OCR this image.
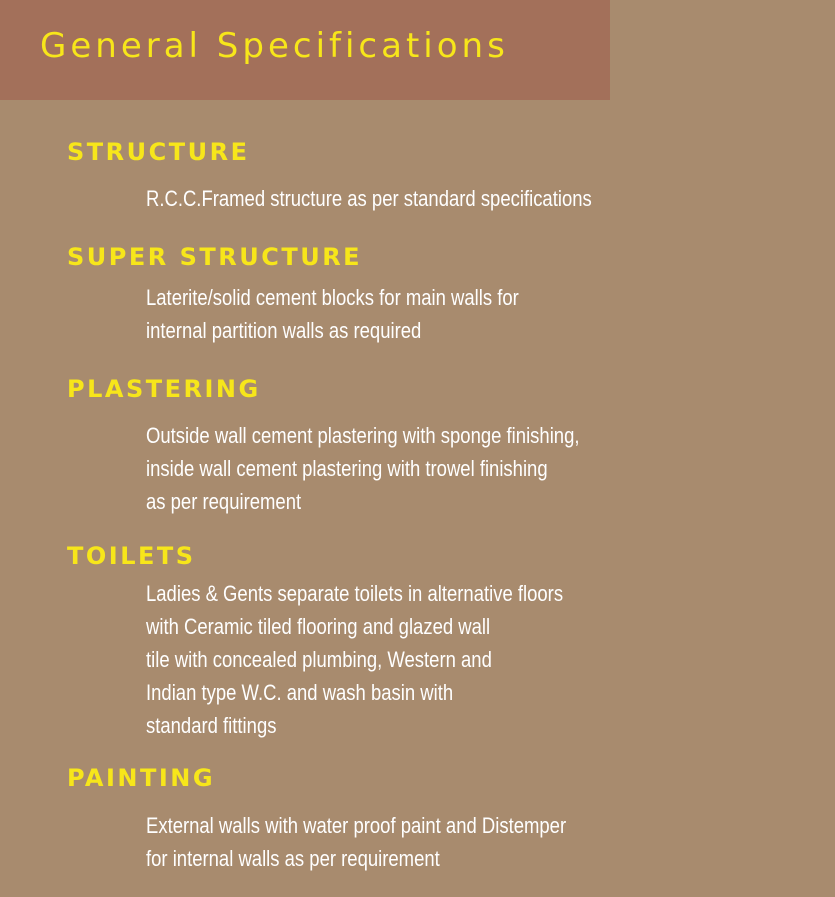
General Specifications
STRUCTURE

R.C.C.Framed structure as per standard specifications

SUPER STRUCTURE

Laterite/solid cement blocks for main walls for
internal partition walls as required

PLASTERING

Outside wall cement plastering with sponge finishing,
inside wall cement plastering with trowel finishing
as per requirement

TOILETS

Ladies & Gents separate toilets in alternative floors
with Ceramic tiled flooring and glazed wall
tile with concealed plumbing, Western and
Indian type W.C. and wash basin with
standard fittings

PAINTING

External walls with water proof paint and Distemper
for internal walls as per requirement
